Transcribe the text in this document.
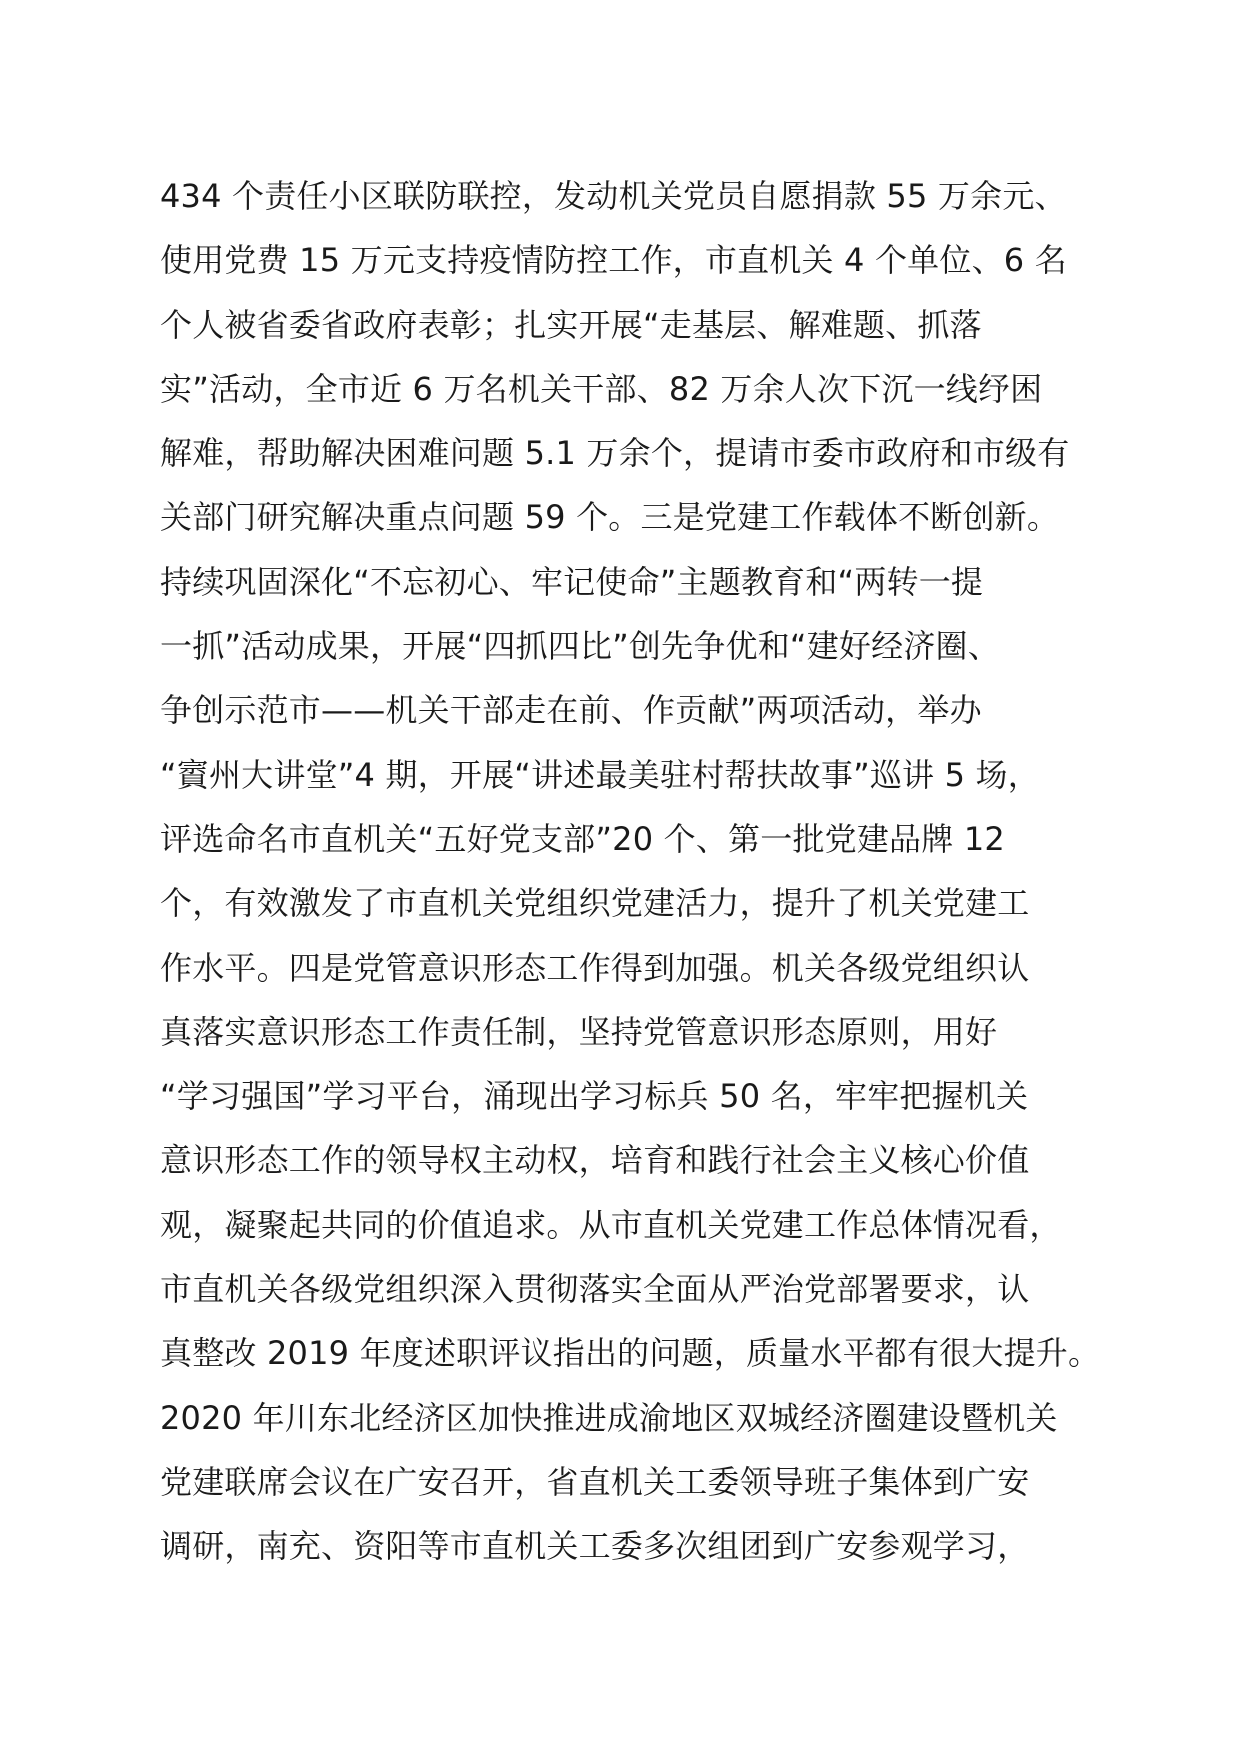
434 个责任小区联防联控，发动机关党员自愿捐款 55 万余元、
使用党费 15 万元支持疫情防控工作，市直机关 4 个单位、6 名
个人被省委省政府表彰；扎实开展“走基层、解难题、抓落
实”活动，全市近 6 万名机关干部、82 万余人次下沉一线纾困
解难，帮助解决困难问题 5.1 万余个，提请市委市政府和市级有
关部门研究解决重点问题 59 个。三是党建工作载体不断创新。
持续巩固深化“不忘初心、牢记使命”主题教育和“两转一提
一抓”活动成果，开展“四抓四比”创先争优和“建好经济圈、
争创示范市——机关干部走在前、作贡献”两项活动，举办
“賨州大讲堂”4 期，开展“讲述最美驻村帮扶故事”巡讲 5 场，
评选命名市直机关“五好党支部”20 个、第一批党建品牌 12
个，有效激发了市直机关党组织党建活力，提升了机关党建工
作水平。四是党管意识形态工作得到加强。机关各级党组织认
真落实意识形态工作责任制，坚持党管意识形态原则，用好
“学习强国”学习平台，涌现出学习标兵 50 名，牢牢把握机关
意识形态工作的领导权主动权，培育和践行社会主义核心价值
观，凝聚起共同的价值追求。从市直机关党建工作总体情况看，
市直机关各级党组织深入贯彻落实全面从严治党部署要求，认
真整改 2019 年度述职评议指出的问题，质量水平都有很大提升。
2020 年川东北经济区加快推进成渝地区双城经济圈建设暨机关
党建联席会议在广安召开，省直机关工委领导班子集体到广安
调研，南充、资阳等市直机关工委多次组团到广安参观学习，
